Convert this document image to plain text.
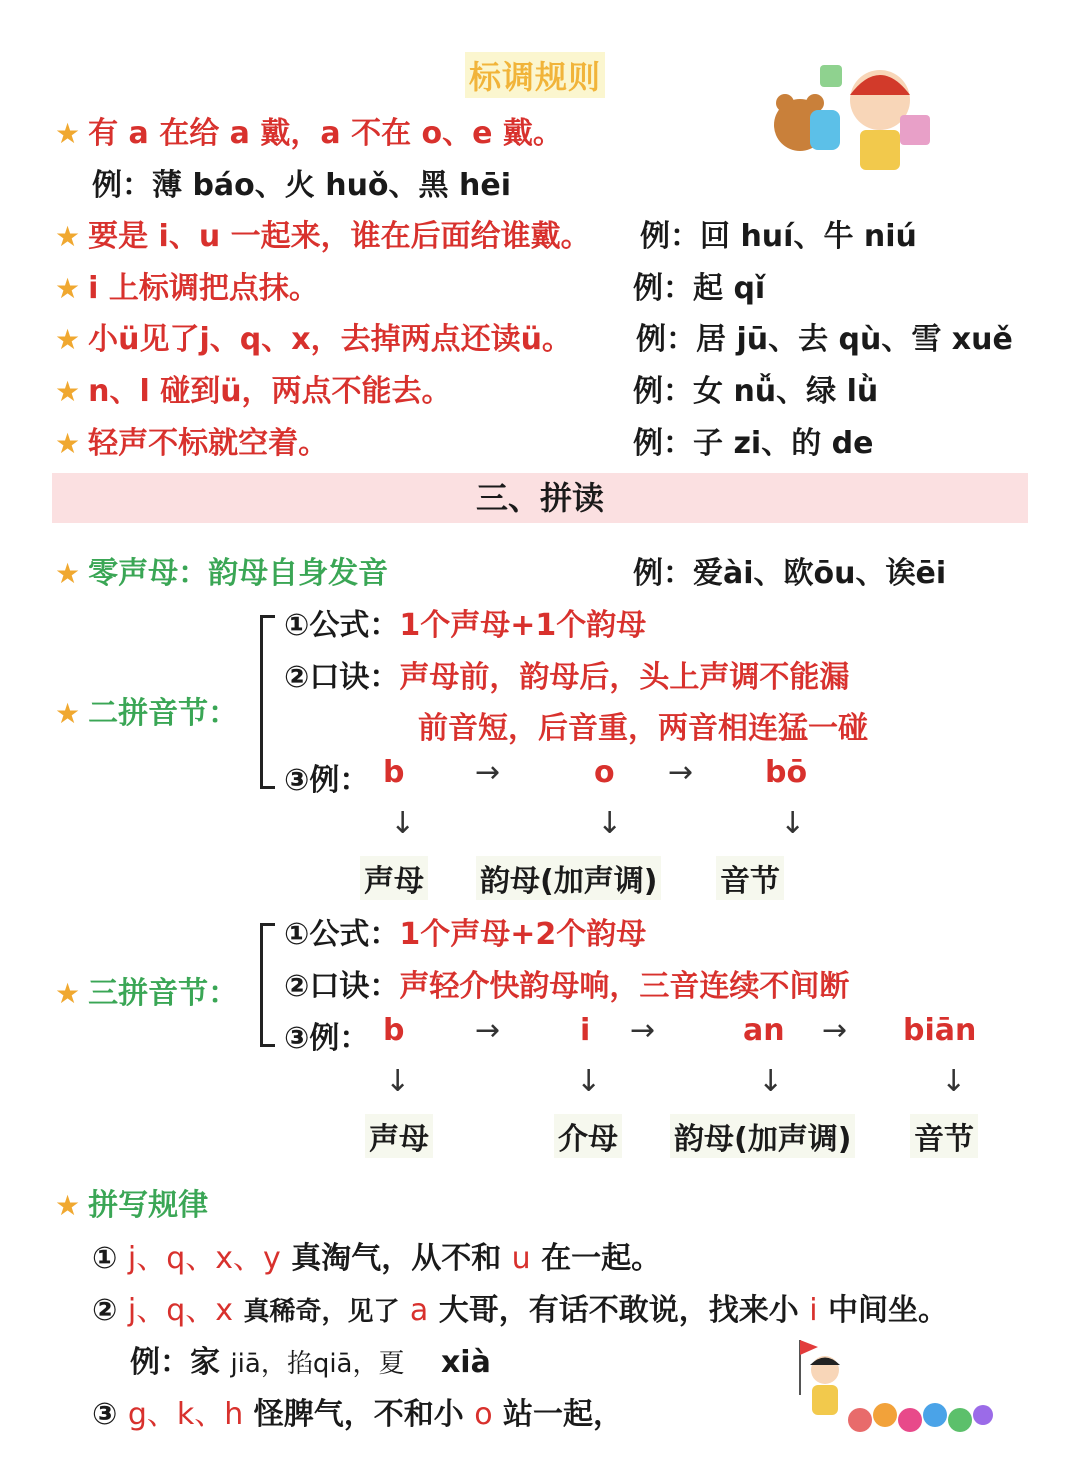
标调规则
★ 有 a 在给 a 戴，a 不在 o、e 戴。
例：薄 báo、火 huǒ、黑 hēi
★ 要是 i、u 一起来，谁在后面给谁戴。 例：回 huí、牛 niú
★ i 上标调把点抹。	例：起 qǐ
★ 小ü见了j、q、x，去掉两点还读ü。 例：居 jū、去 qù、雪 xuě
★ n、l 碰到ü，两点不能去。	例：女 nǚ、绿 lǜ
★ 轻声不标就空着。	例：子 zi、的 de
三、拼读
★ 零声母：韵母自身发音	例：爱ài、欧ōu、诶ēi
★ 二拼音节：
①公式：1个声母+1个韵母
②口诀：声母前，韵母后，头上声调不能漏
前音短，后音重，两音相连猛一碰
③例： b →	o → bō
↓	↓	↓
声母 韵母(加声调) 音节
★ 三拼音节：
①公式：1个声母+2个韵母
②口诀：声轻介快韵母响，三音连续不间断
③例： b →	i →	an → biān
↓	↓	↓	↓
声母	介母 韵母(加声调) 音节
★ 拼写规律
① j、q、x、y 真淘气，从不和 u 在一起。
② j、q、x 真稀奇，见了 a 大哥，有话不敢说，找来小 i 中间坐。
例：家 jiā，掐qiā，夏 xià
③ g、k、h 怪脾气，不和小 o 站一起，
